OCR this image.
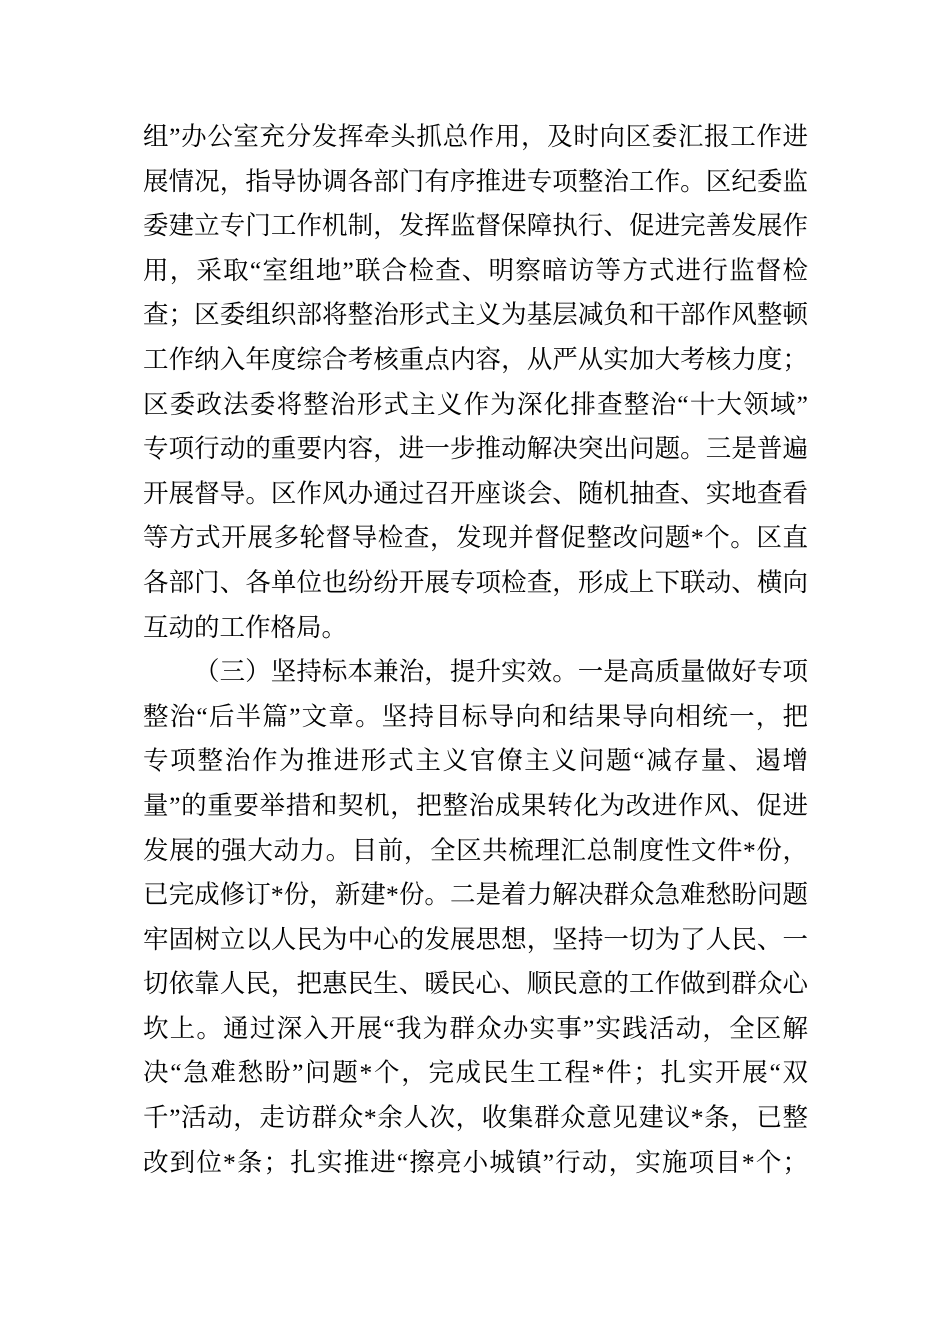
组”办公室充分发挥牵头抓总作用，及时向区委汇报工作进
展情况，指导协调各部门有序推进专项整治工作。区纪委监
委建立专门工作机制，发挥监督保障执行、促进完善发展作
用，采取“室组地”联合检查、明察暗访等方式进行监督检
查；区委组织部将整治形式主义为基层减负和干部作风整顿
工作纳入年度综合考核重点内容，从严从实加大考核力度；
区委政法委将整治形式主义作为深化排查整治“十大领域”
专项行动的重要内容，进一步推动解决突出问题。三是普遍
开展督导。区作风办通过召开座谈会、随机抽查、实地查看
等方式开展多轮督导检查，发现并督促整改问题*个。区直
各部门、各单位也纷纷开展专项检查，形成上下联动、横向
互动的工作格局。
（三）坚持标本兼治，提升实效。一是高质量做好专项
整治“后半篇”文章。坚持目标导向和结果导向相统一，把
专项整治作为推进形式主义官僚主义问题“减存量、遏增
量”的重要举措和契机，把整治成果转化为改进作风、促进
发展的强大动力。目前，全区共梳理汇总制度性文件*份，
已完成修订*份，新建*份。二是着力解决群众急难愁盼问题
牢固树立以人民为中心的发展思想，坚持一切为了人民、一
切依靠人民，把惠民生、暖民心、顺民意的工作做到群众心
坎上。通过深入开展“我为群众办实事”实践活动，全区解
决“急难愁盼”问题*个，完成民生工程*件；扎实开展“双
千”活动，走访群众*余人次，收集群众意见建议*条，已整
改到位*条；扎实推进“擦亮小城镇”行动，实施项目*个；
